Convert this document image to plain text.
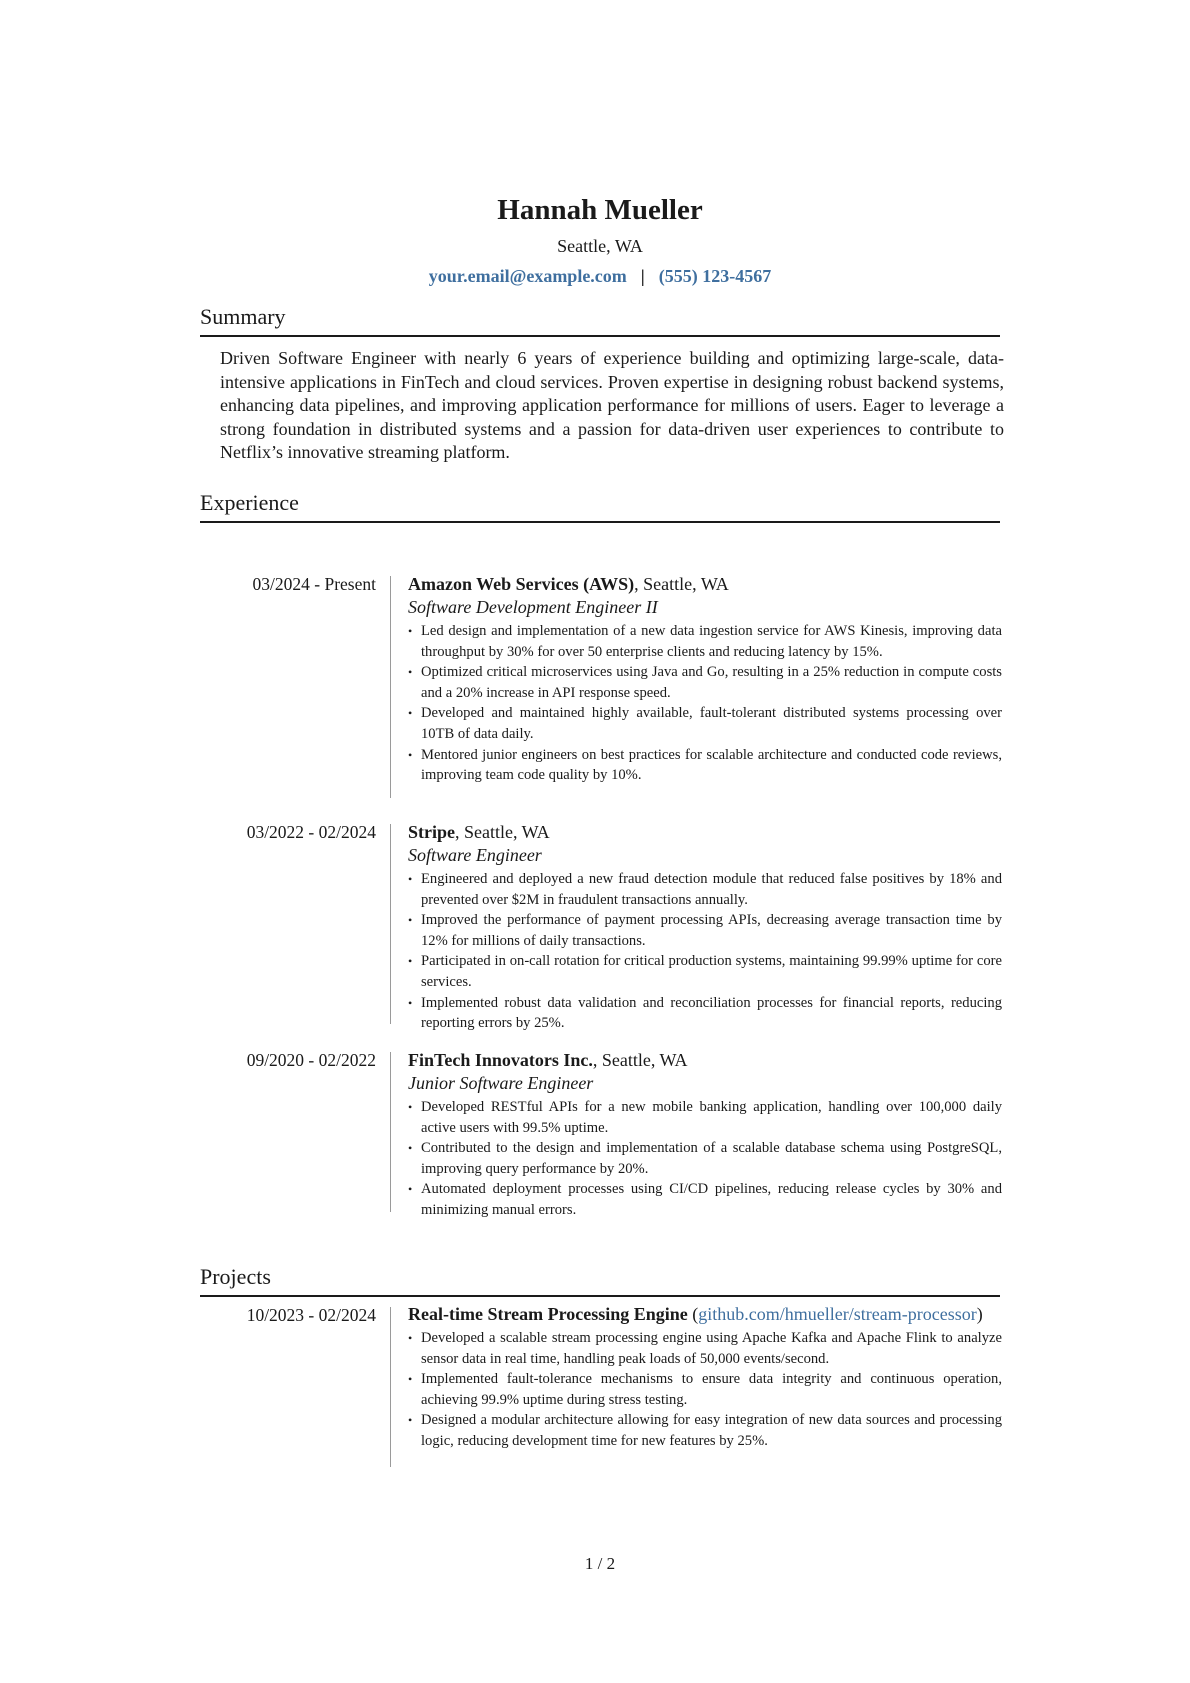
Hannah Mueller
Seattle, WA
your.email@example.com | (555) 123-4567
Summary
Driven Software Engineer with nearly 6 years of experience building and optimizing large-scale, data-intensive applications in FinTech and cloud services. Proven expertise in designing robust backend systems, enhancing data pipelines, and improving application performance for millions of users. Eager to leverage a strong foundation in distributed systems and a passion for data-driven user experiences to contribute to Netflix’s innovative streaming platform.
Experience
03/2024 - Present Amazon Web Services (AWS), Seattle, WA
Software Development Engineer II
• Led design and implementation of a new data ingestion service for AWS Kinesis, improving data throughput by 30% for over 50 enterprise clients and reducing latency by 15%.
• Optimized critical microservices using Java and Go, resulting in a 25% reduction in compute costs and a 20% increase in API response speed.
• Developed and maintained highly available, fault-tolerant distributed systems processing over 10TB of data daily.
• Mentored junior engineers on best practices for scalable architecture and conducted code reviews, improving team code quality by 10%.
03/2022 - 02/2024 Stripe, Seattle, WA
Software Engineer
• Engineered and deployed a new fraud detection module that reduced false positives by 18% and prevented over $2M in fraudulent transactions annually.
• Improved the performance of payment processing APIs, decreasing average transaction time by 12% for millions of daily transactions.
• Participated in on-call rotation for critical production systems, maintaining 99.99% uptime for core services.
• Implemented robust data validation and reconciliation processes for financial reports, reducing reporting errors by 25%.
09/2020 - 02/2022 FinTech Innovators Inc., Seattle, WA
Junior Software Engineer
• Developed RESTful APIs for a new mobile banking application, handling over 100,000 daily active users with 99.5% uptime.
• Contributed to the design and implementation of a scalable database schema using PostgreSQL, improving query performance by 20%.
• Automated deployment processes using CI/CD pipelines, reducing release cycles by 30% and minimizing manual errors.
Projects
10/2023 - 02/2024 Real-time Stream Processing Engine (github.com/hmueller/stream-processor)
• Developed a scalable stream processing engine using Apache Kafka and Apache Flink to analyze sensor data in real time, handling peak loads of 50,000 events/second.
• Implemented fault-tolerance mechanisms to ensure data integrity and continuous operation, achieving 99.9% uptime during stress testing.
• Designed a modular architecture allowing for easy integration of new data sources and processing logic, reducing development time for new features by 25%.
1 / 2
